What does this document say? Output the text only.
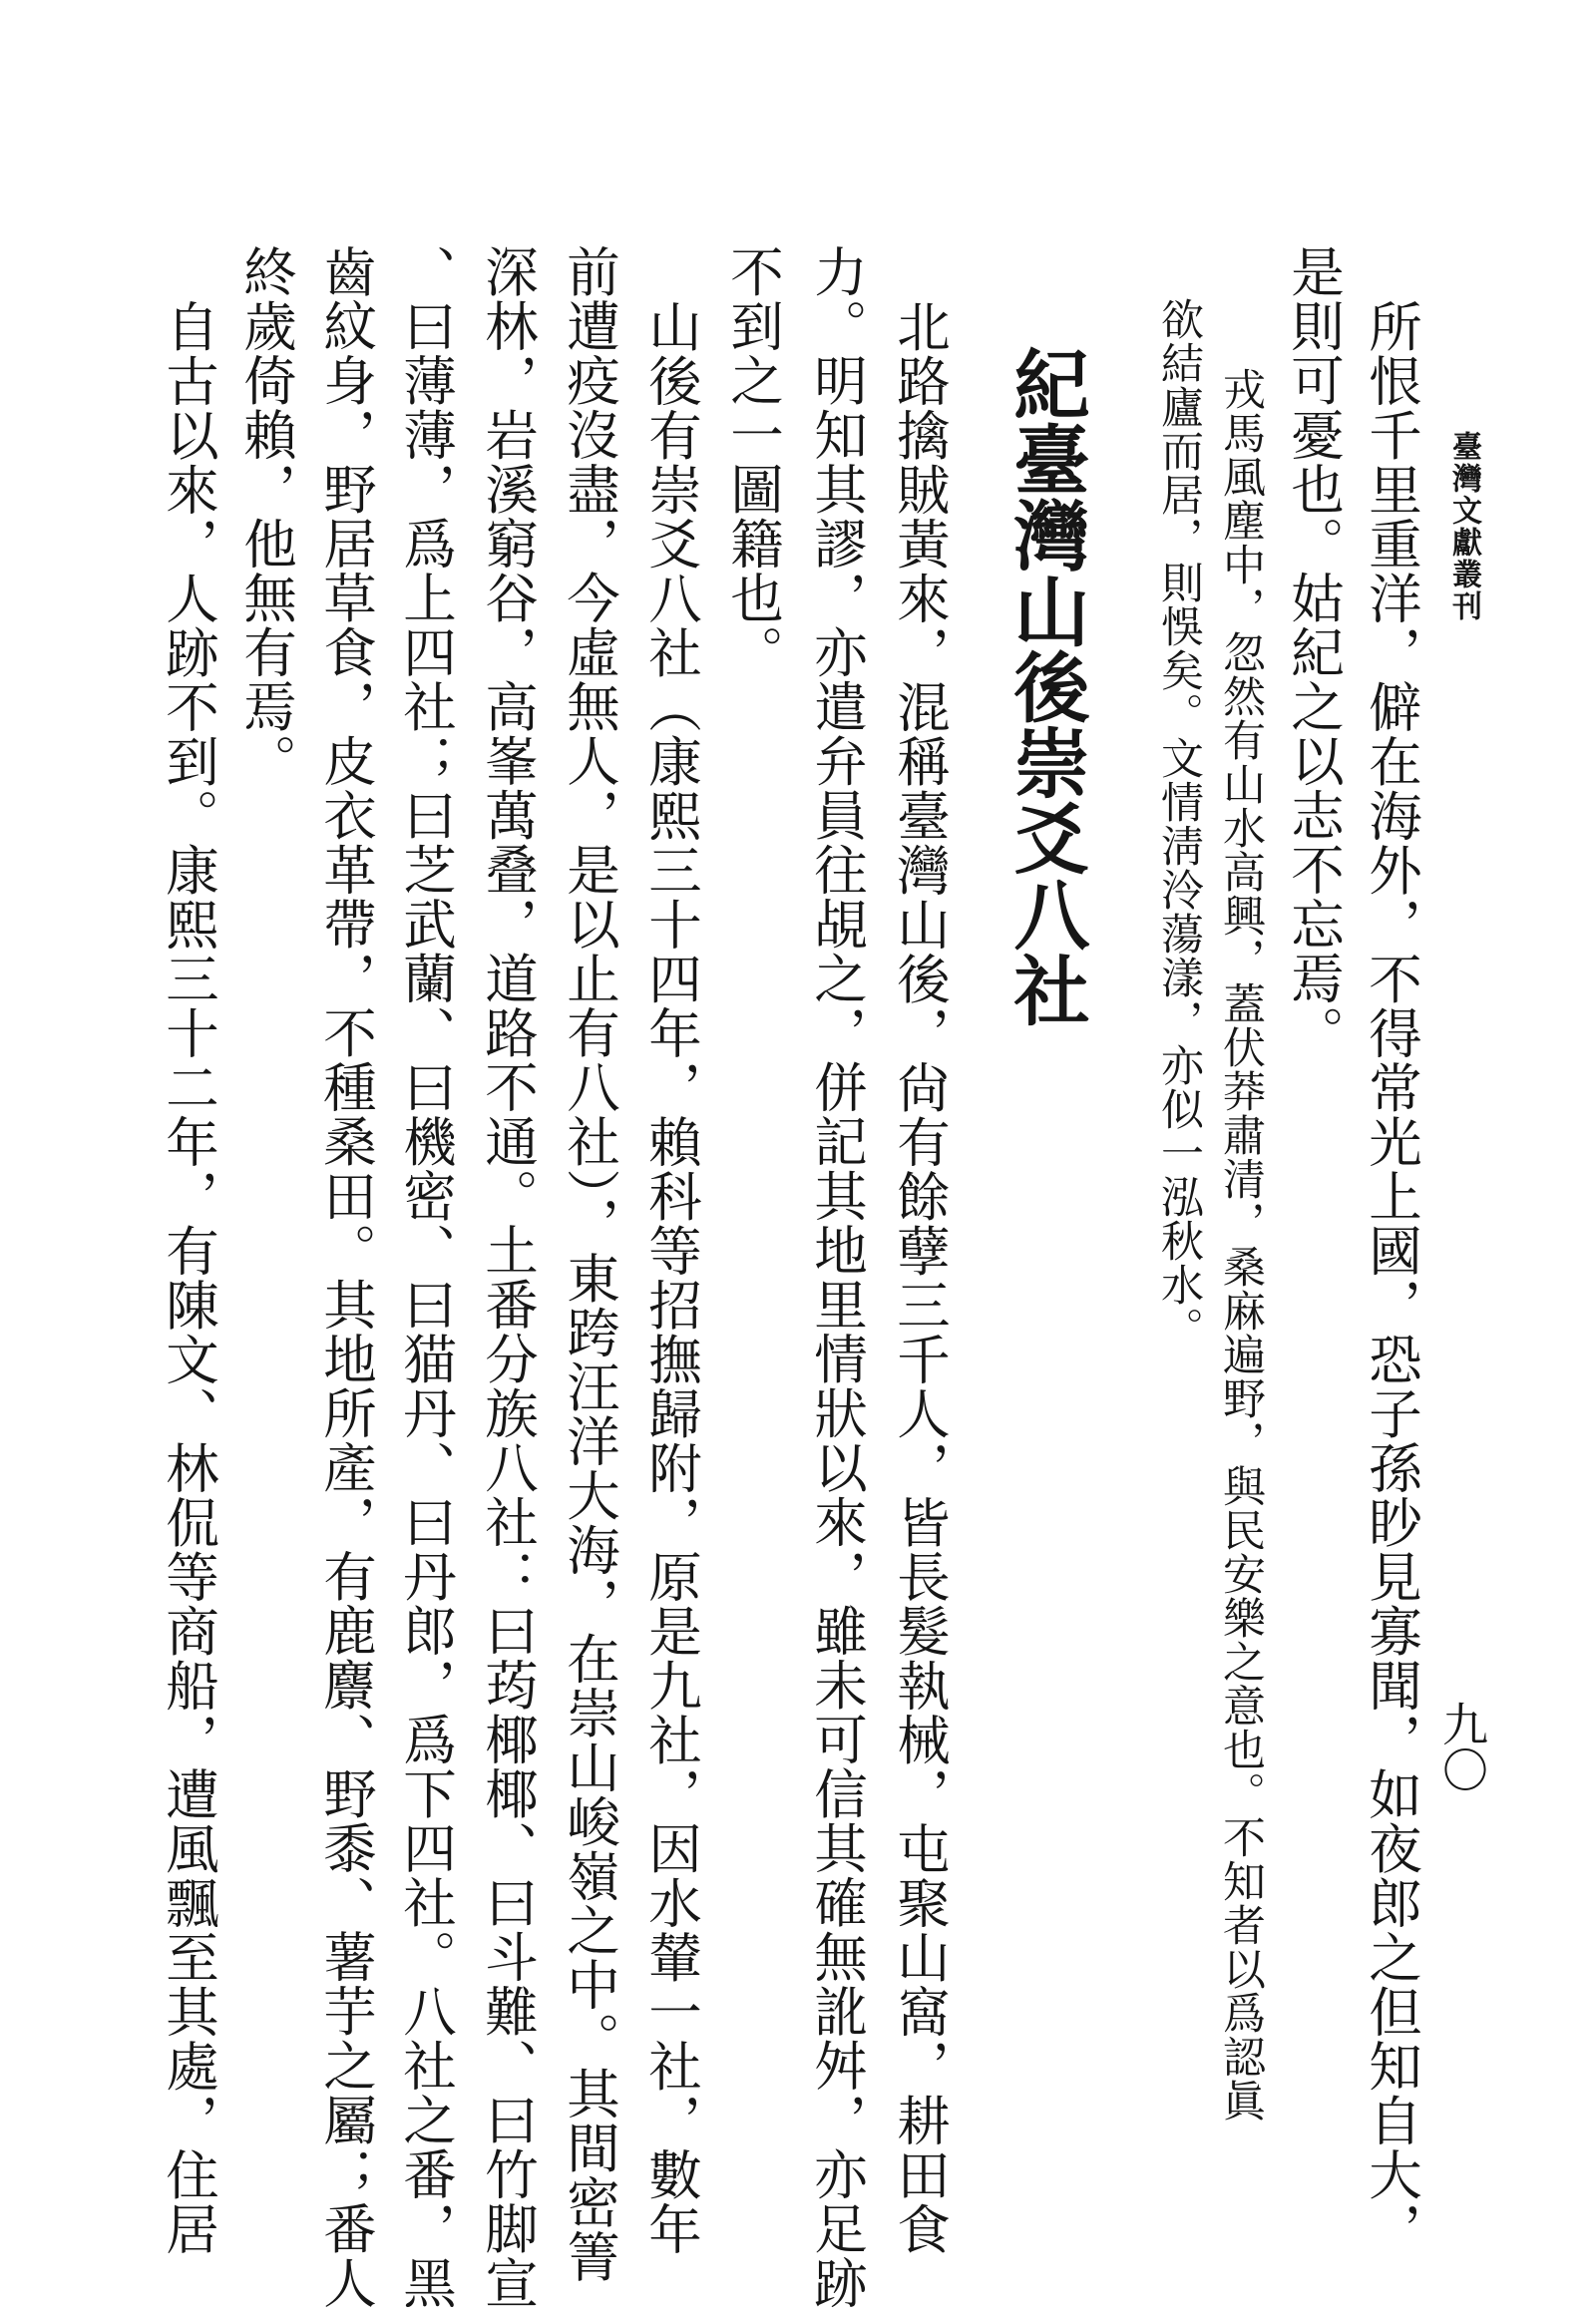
臺灣文獻叢刊
九〇
所恨千里重洋，僻在海外，不得常光上國，恐子孫眇見寡聞，如夜郎之但知自大，
是則可憂也。姑紀之以志不忘焉。
戎馬風塵中，忽然有山水高興，蓋伏莽肅清，桑麻遍野，與民安樂之意也。不知者以爲認眞
欲結廬而居，則悞矣。文情淸泠蕩漾，亦似一泓秋水。
紀臺灣山後崇爻八社
北路擒賊黃來，混稱臺灣山後，尙有餘孽三千人，皆長髮執械，屯聚山窩，耕田食
力。明知其謬，亦遣弁員往覘之，併記其地里情狀以來，雖未可信其確無訛舛，亦足跡
不到之一圖籍也。
山後有崇爻八社（康熙三十四年，賴科等招撫歸附，原是九社，因水輦一社，數年
前遭疫沒盡，今虛無人，是以止有八社），東跨汪洋大海，在崇山峻嶺之中。其間密箐
深林，岩溪窮谷，高峯萬叠，道路不通。土番分族八社：曰荺椰椰、曰斗難、曰竹脚宣
、曰薄薄，爲上四社；曰芝武蘭、曰機密、曰猫丹、曰丹郎，爲下四社。八社之番，黑
齒紋身，野居草食，皮衣革帶，不種桑田。其地所產，有鹿麖、野黍、薯芋之屬；番人
終歲倚賴，他無有焉。
自古以來，人跡不到。康熙三十二年，有陳文、林侃等商船，遭風飄至其處，住居
